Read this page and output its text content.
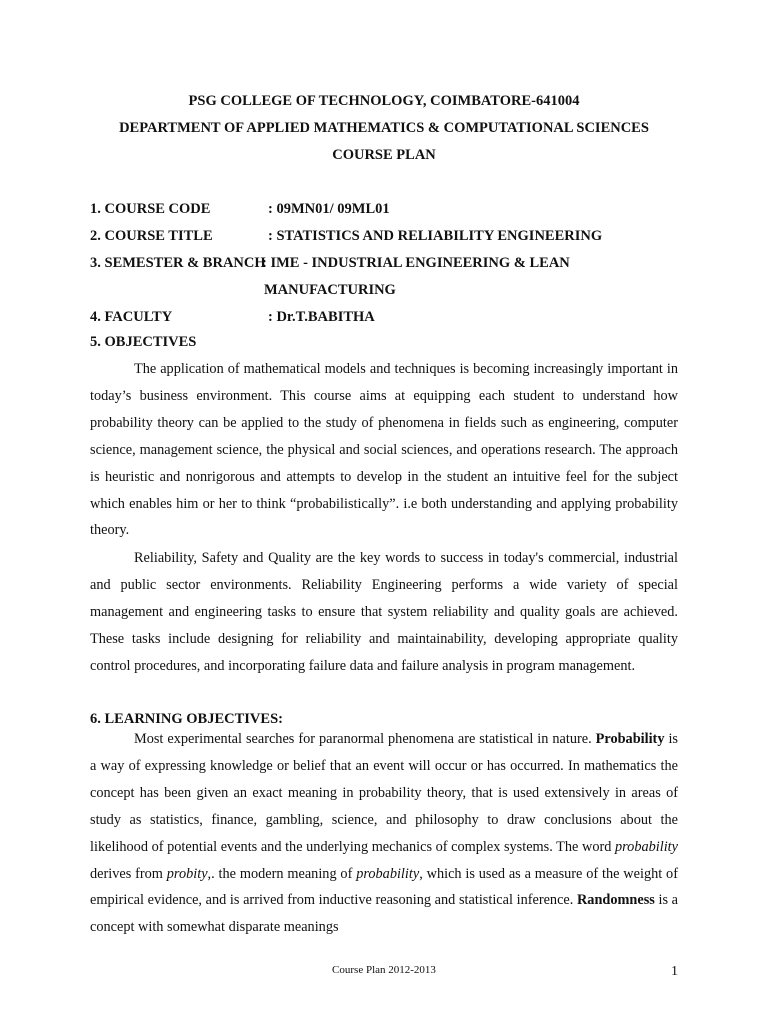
PSG COLLEGE OF TECHNOLOGY, COIMBATORE-641004
DEPARTMENT OF APPLIED MATHEMATICS & COMPUTATIONAL SCIENCES
COURSE PLAN
1. COURSE CODE	: 09MN01/ 09ML01
2. COURSE TITLE	: STATISTICS AND RELIABILITY ENGINEERING
3. SEMESTER & BRANCH
: IME - INDUSTRIAL ENGINEERING & LEAN
MANUFACTURING
4. FACULTY	: Dr.T.BABITHA
5. OBJECTIVES

The application of mathematical models and techniques is becoming increasingly important in today’s business environment. This course aims at equipping each student to understand how probability theory can be applied to the study of phenomena in fields such as engineering, computer science, management science, the physical and social sciences, and operations research. The approach is heuristic and nonrigorous and attempts to develop in the student an intuitive feel for the subject which enables him or her to think “probabilistically”. i.e both understanding and applying probability theory.

Reliability, Safety and Quality are the key words to success in today's commercial, industrial and public sector environments. Reliability Engineering performs a wide variety of special management and engineering tasks to ensure that system reliability and quality goals are achieved. These tasks include designing for reliability and maintainability, developing appropriate quality control procedures, and incorporating failure data and failure analysis in program management.

6. LEARNING OBJECTIVES:

Most experimental searches for paranormal phenomena are statistical in nature. Probability is a way of expressing knowledge or belief that an event will occur or has occurred. In mathematics the concept has been given an exact meaning in probability theory, that is used extensively in areas of study as statistics, finance, gambling, science, and philosophy to draw conclusions about the likelihood of potential events and the underlying mechanics of complex systems. The word probability derives from probity,. the modern meaning of probability, which is used as a measure of the weight of empirical evidence, and is arrived from inductive reasoning and statistical inference. Randomness is a concept with somewhat disparate meanings

Course Plan 2012-2013	1
